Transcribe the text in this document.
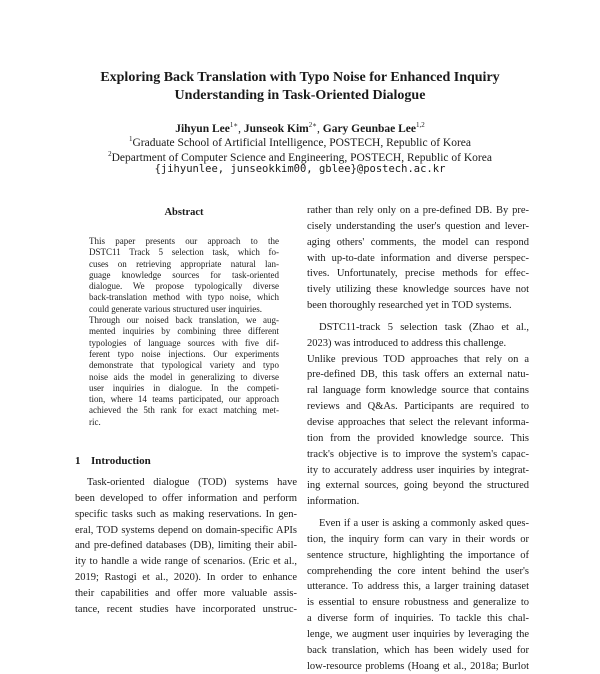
Exploring Back Translation with Typo Noise for Enhanced Inquiry
Understanding in Task-Oriented Dialogue
Jihyun Lee$^{1∗}$, Junseok Kim$^{2∗}$, Gary Geunbae Lee$^{1,2}$
$^1$Graduate School of Artificial Intelligence, POSTECH, Republic of Korea
$^2$Department of Computer Science and Engineering, POSTECH, Republic of Korea
{jihyunlee, junseokkim00, gblee}@postech.ac.kr
Abstract
This paper presents our approach to the
DSTC11 Track 5 selection task, which fo-
cuses on retrieving appropriate natural lan-
guage knowledge sources for task-oriented
dialogue. We propose typologically diverse
back-translation method with typo noise, which
could generate various structured user inquiries.
Through our noised back translation, we aug-
mented inquiries by combining three different
typologies of language sources with five dif-
ferent typo noise injections. Our experiments
demonstrate that typological variety and typo
noise aids the model in generalizing to diverse
user inquiries in dialogue. In the competi-
tion, where 14 teams participated, our approach
achieved the 5th rank for exact matching met-
ric.
1 Introduction
Task-oriented dialogue (TOD) systems have
been developed to offer information and perform
specific tasks such as making reservations. In gen-
eral, TOD systems depend on domain-specific APIs
and pre-defined databases (DB), limiting their abil-
ity to handle a wide range of scenarios. (Eric et al.,
2019; Rastogi et al., 2020). In order to enhance
their capabilities and offer more valuable assis-
tance, recent studies have incorporated unstruc-
rather than rely only on a pre-defined DB. By pre-
cisely understanding the user's question and lever-
aging others' comments, the model can respond
with up-to-date information and diverse perspec-
tives. Unfortunately, precise methods for effec-
tively utilizing these knowledge sources have not
been thoroughly researched yet in TOD systems.
DSTC11-track 5 selection task (Zhao et al.,
2023) was introduced to address this challenge.
Unlike previous TOD approaches that rely on a
pre-defined DB, this task offers an external natu-
ral language form knowledge source that contains
reviews and Q&As. Participants are required to
devise approaches that select the relevant informa-
tion from the provided knowledge source. This
track's objective is to improve the system's capac-
ity to accurately address user inquiries by integrat-
ing external sources, going beyond the structured
information.
Even if a user is asking a commonly asked ques-
tion, the inquiry form can vary in their words or
sentence structure, highlighting the importance of
comprehending the core intent behind the user's
utterance. To address this, a larger training dataset
is essential to ensure robustness and generalize to
a diverse form of inquiries. To tackle this chal-
lenge, we augment user inquiries by leveraging the
back translation, which has been widely used for
low-resource problems (Hoang et al., 2018a; Burlot
